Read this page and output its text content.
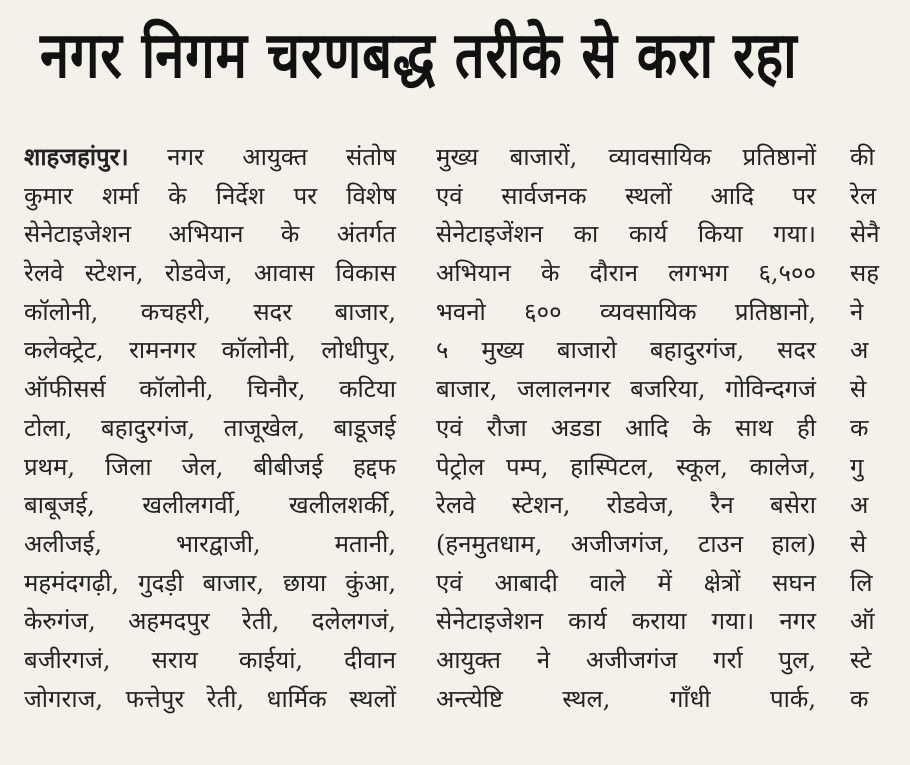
नगर निगम चरणबद्ध तरीके से करा रहा
शाहजहांपुर। नगर आयुक्त संतोष
कुमार शर्मा के निर्देश पर विशेष
सेनेटाइजेशन अभियान के अंतर्गत
रेलवे स्टेशन, रोडवेज, आवास विकास
कॉलोनी, कचहरी, सदर बाजार,
कलेक्ट्रेट, रामनगर कॉलोनी, लोधीपुर,
ऑफीसर्स कॉलोनी, चिनौर, कटिया
टोला, बहादुरगंज, ताजूखेल, बाडूजई
प्रथम, जिला जेल, बीबीजई हद्दफ
बाबूजई, खलीलगर्वी, खलीलशर्की,
अलीजई,	भारद्वाजी,	मतानी,
महमंदगढ़ी, गुदड़ी बाजार, छाया कुंआ,
केरुगंज, अहमदपुर रेती, दलेलगजं,
बजीरगजं, सराय काईयां, दीवान
जोगराज, फत्तेपुर रेती, धार्मिक स्थलों
मुख्य बाजारों, व्यावसायिक प्रतिष्ठानों
एवं सार्वजनक स्थलों आदि पर
सेनेटाइजेंशन का कार्य किया गया।
अभियान के दौरान लगभग ६,५००
भवनो ६०० व्यवसायिक प्रतिष्ठानो,
५ मुख्य बाजारो बहादुरगंज, सदर
बाजार, जलालनगर बजरिया, गोविन्दगजं
एवं रौजा अडडा आदि के साथ ही
पेट्रोल पम्प, हास्पिटल, स्कूल, कालेज,
रेलवे स्टेशन, रोडवेज, रैन बसेरा
(हनमुतधाम, अजीजगंज, टाउन हाल)
एवं आबादी वाले में क्षेत्रों सघन
सेनेटाइजेशन कार्य कराया गया। नगर
आयुक्त ने अजीजगंज गर्रा पुल,
अन्त्येष्टि स्थल, गाँधी पार्क,
की
रेल
सेनै
सह
ने
अ
से
क
गु
अ
से
लि
ऑ
स्टे
क
